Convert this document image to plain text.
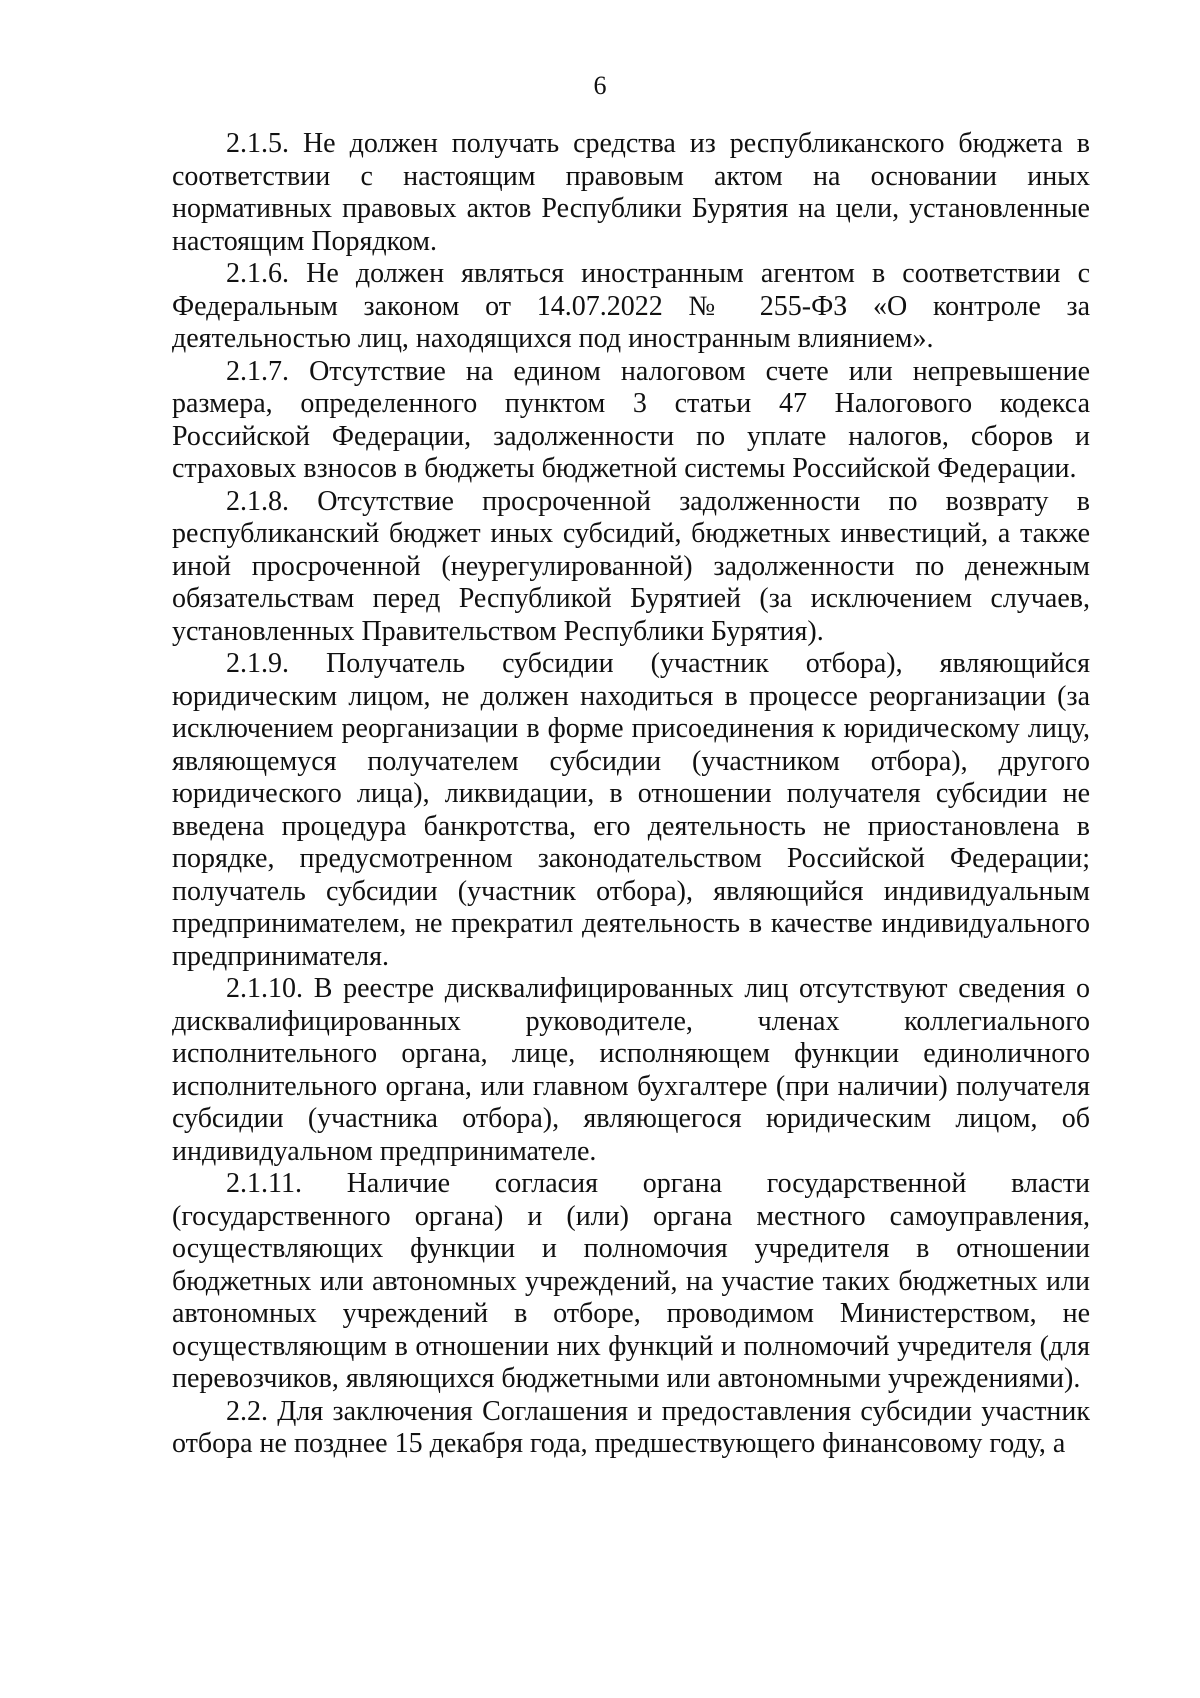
6

2.1.5. Не должен получать средства из республиканского бюджета в соответствии с настоящим правовым актом на основании иных нормативных правовых актов Республики Бурятия на цели, установленные настоящим Порядком.

2.1.6. Не должен являться иностранным агентом в соответствии с Федеральным законом от 14.07.2022 № 255-ФЗ «О контроле за деятельностью лиц, находящихся под иностранным влиянием».

2.1.7. Отсутствие на едином налоговом счете или непревышение размера, определенного пунктом 3 статьи 47 Налогового кодекса Российской Федерации, задолженности по уплате налогов, сборов и страховых взносов в бюджеты бюджетной системы Российской Федерации.

2.1.8. Отсутствие просроченной задолженности по возврату в республиканский бюджет иных субсидий, бюджетных инвестиций, а также иной просроченной (неурегулированной) задолженности по денежным обязательствам перед Республикой Бурятией (за исключением случаев, установленных Правительством Республики Бурятия).

2.1.9. Получатель субсидии (участник отбора), являющийся юридическим лицом, не должен находиться в процессе реорганизации (за исключением реорганизации в форме присоединения к юридическому лицу, являющемуся получателем субсидии (участником отбора), другого юридического лица), ликвидации, в отношении получателя субсидии не введена процедура банкротства, его деятельность не приостановлена в порядке, предусмотренном законодательством Российской Федерации; получатель субсидии (участник отбора), являющийся индивидуальным предпринимателем, не прекратил деятельность в качестве индивидуального предпринимателя.

2.1.10. В реестре дисквалифицированных лиц отсутствуют сведения о дисквалифицированных руководителе, членах коллегиального исполнительного органа, лице, исполняющем функции единоличного исполнительного органа, или главном бухгалтере (при наличии) получателя субсидии (участника отбора), являющегося юридическим лицом, об индивидуальном предпринимателе.

2.1.11. Наличие согласия органа государственной власти (государственного органа) и (или) органа местного самоуправления, осуществляющих функции и полномочия учредителя в отношении бюджетных или автономных учреждений, на участие таких бюджетных или автономных учреждений в отборе, проводимом Министерством, не осуществляющим в отношении них функций и полномочий учредителя (для перевозчиков, являющихся бюджетными или автономными учреждениями).

2.2. Для заключения Соглашения и предоставления субсидии участник отбора не позднее 15 декабря года, предшествующего финансовому году, а
